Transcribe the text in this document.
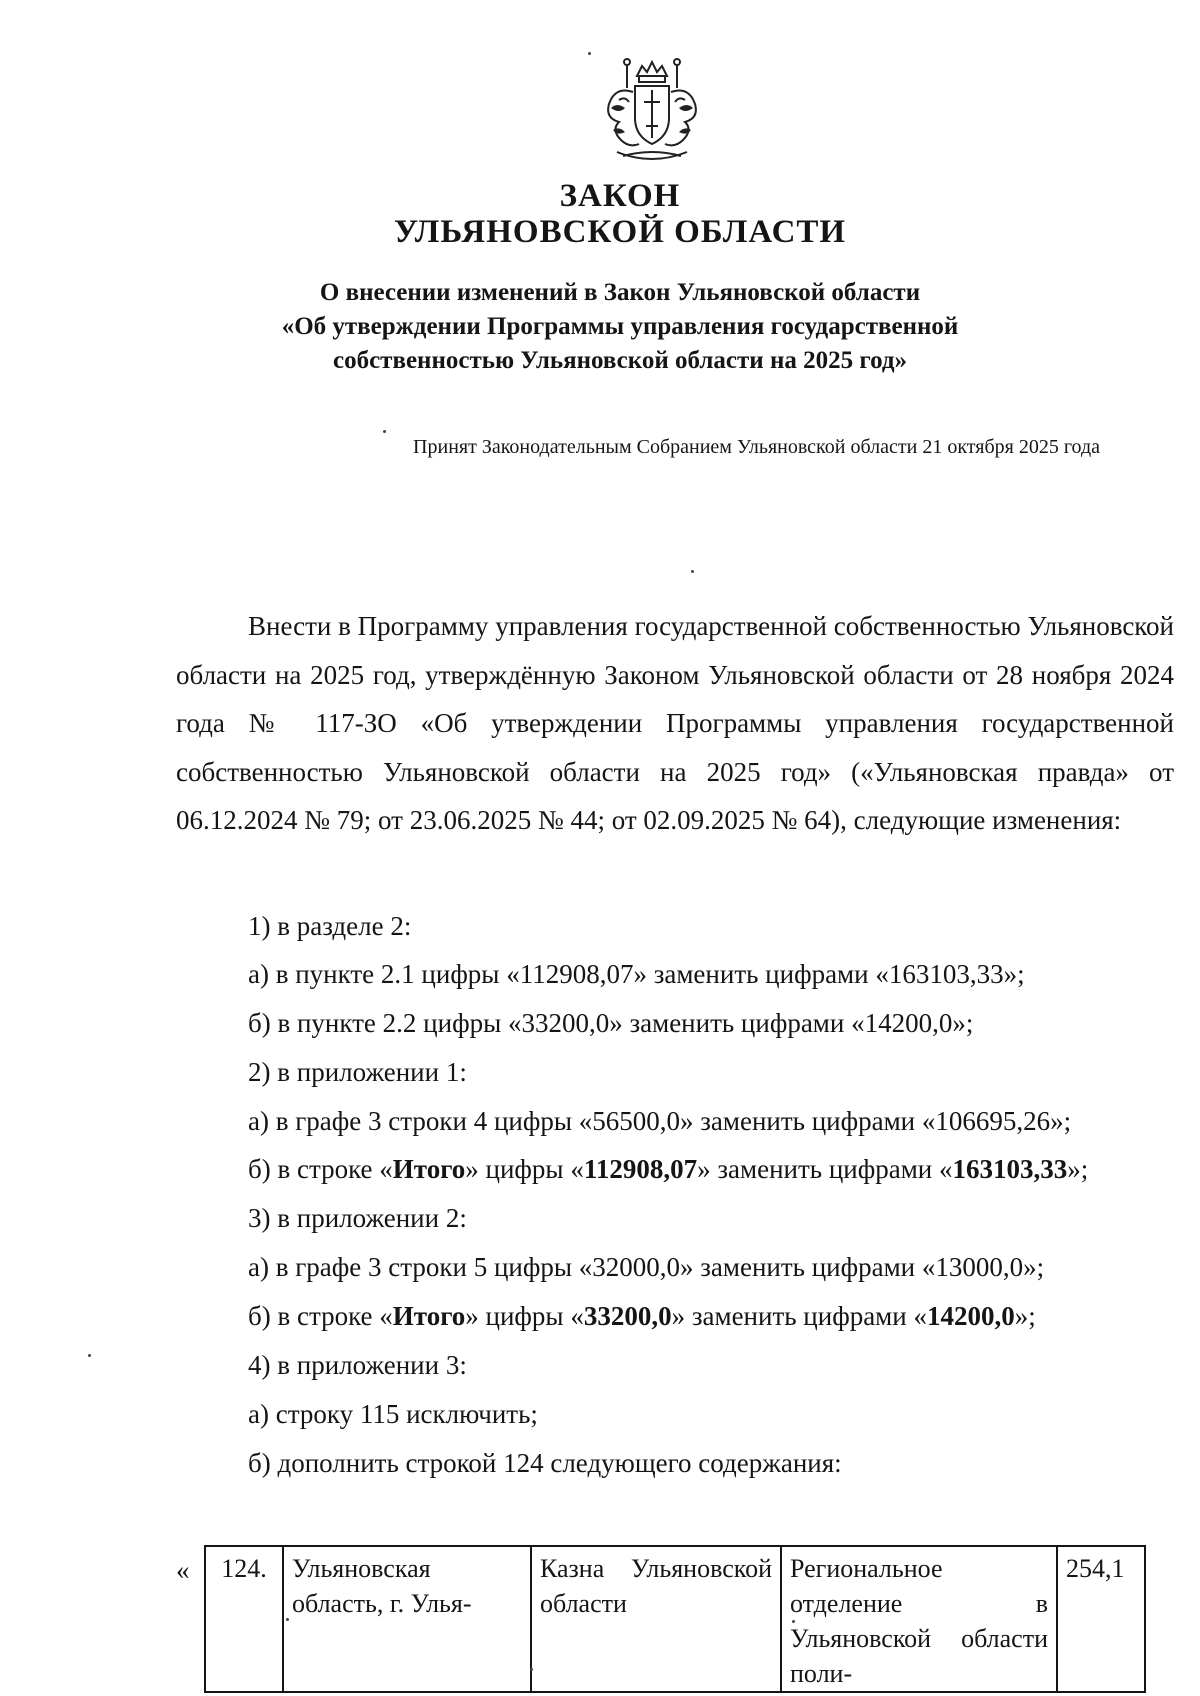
ЗАКОН
УЛЬЯНОВСКОЙ ОБЛАСТИ
О внесении изменений в Закон Ульяновской области
«Об утверждении Программы управления государственной
собственностью Ульяновской области на 2025 год»
Принят Законодательным Собранием Ульяновской области 21 октября 2025 года
Внести в Программу управления государственной собственностью Ульяновской области на 2025 год, утверждённую Законом Ульяновской области от 28 ноября 2024 года № 117-ЗО «Об утверждении Программы управления государственной собственностью Ульяновской области на 2025 год» («Ульяновская правда» от 06.12.2024 № 79; от 23.06.2025 № 44; от 02.09.2025 № 64), следующие изменения:
1) в разделе 2:
а) в пункте 2.1 цифры «112908,07» заменить цифрами «163103,33»;
б) в пункте 2.2 цифры «33200,0» заменить цифрами «14200,0»;
2) в приложении 1:
а) в графе 3 строки 4 цифры «56500,0» заменить цифрами «106695,26»;
б) в строке «Итого» цифры «112908,07» заменить цифрами «163103,33»;
3) в приложении 2:
а) в графе 3 строки 5 цифры «32000,0» заменить цифрами «13000,0»;
б) в строке «Итого» цифры «33200,0» заменить цифрами «14200,0»;
4) в приложении 3:
а) строку 115 исключить;
б) дополнить строкой 124 следующего содержания:
« 124.	Ульяновская область, г. Улья-	Казна Ульяновской области	Региональное отделение в Ульяновской области поли-	254,1
